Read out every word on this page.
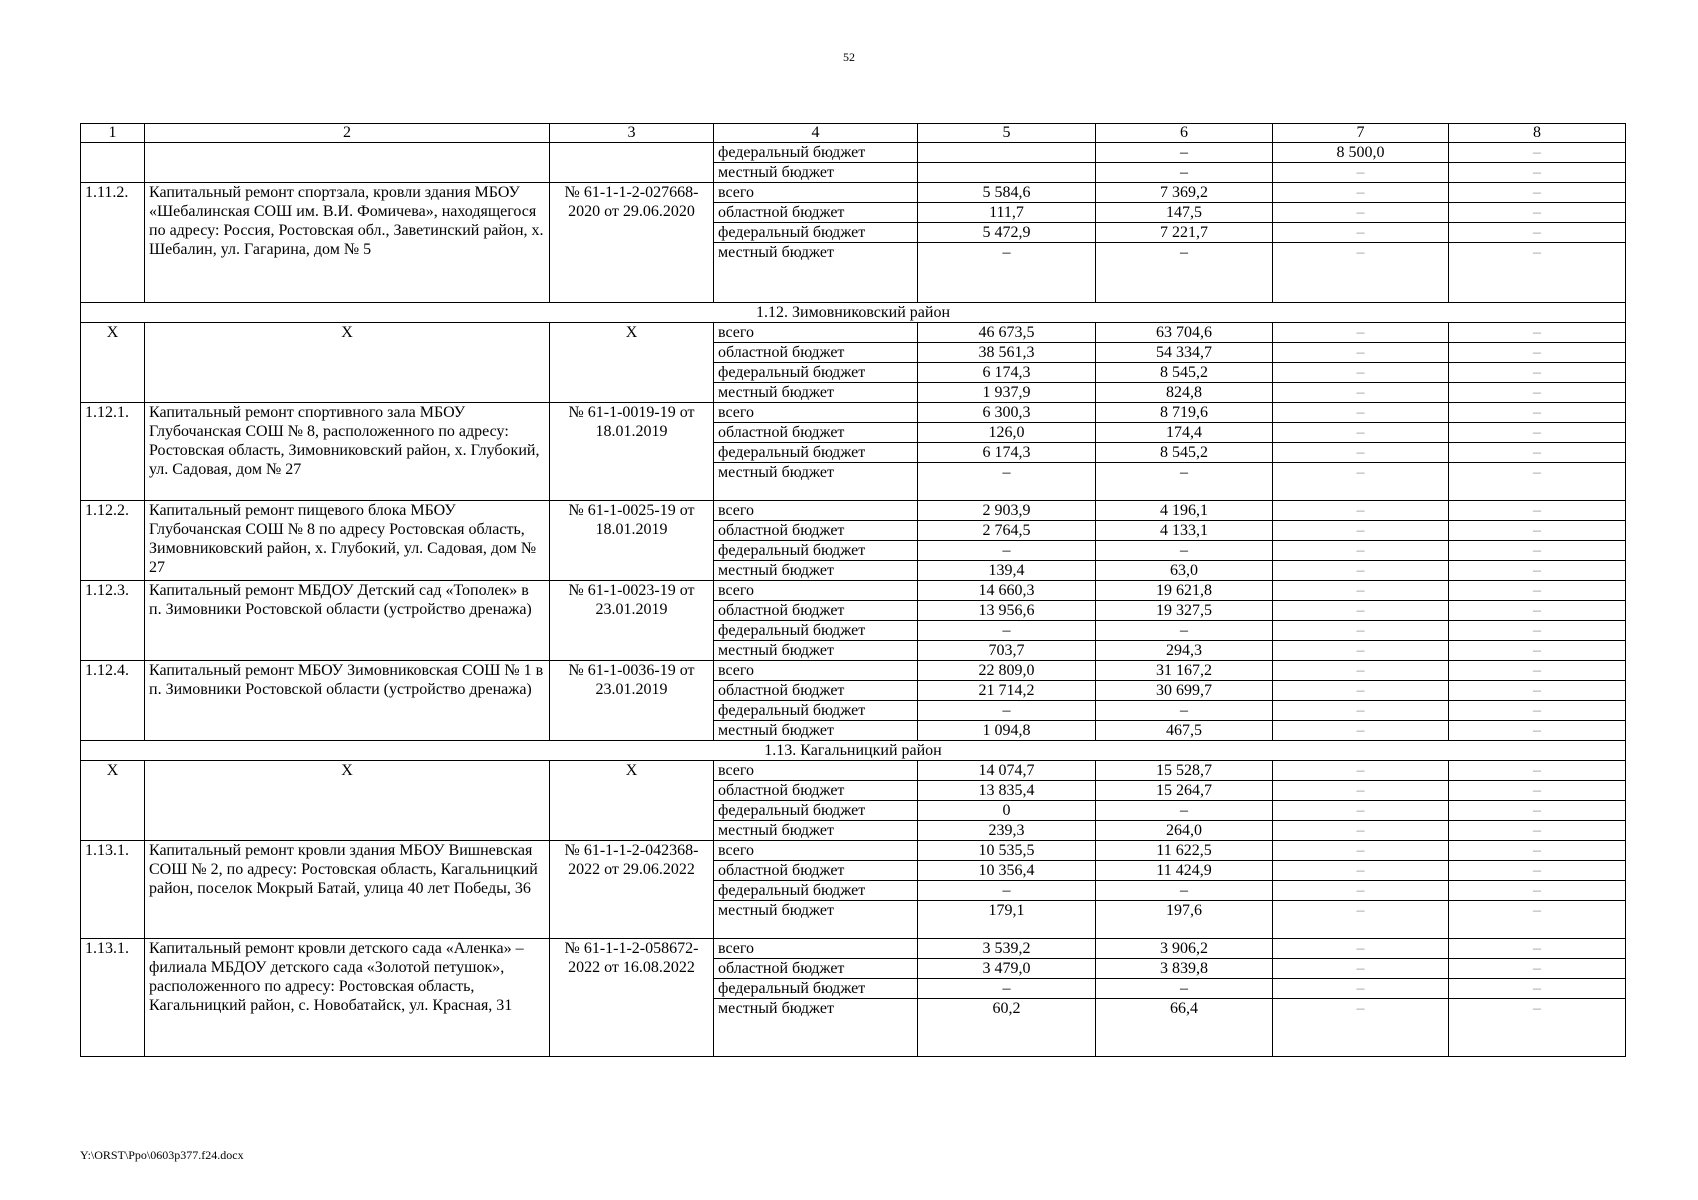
52
1	2	3	4	5	6	7	8
			федеральный бюджет		–	8 500,0	–
			местный бюджет		–	–	–
1.11.2.	Капитальный ремонт спортзала, кровли здания МБОУ «Шебалинская СОШ им. В.И. Фомичева», находящегося по адресу: Россия, Ростовская обл., Заветинский район, х. Шебалин, ул. Гагарина, дом № 5	№ 61-1-1-2-027668-2020 от 29.06.2020	всего	5 584,6	7 369,2	–	–
			областной бюджет	111,7	147,5	–	–
			федеральный бюджет	5 472,9	7 221,7	–	–
			местный бюджет	–	–	–	–
1.12. Зимовниковский район							
X	X	X	всего	46 673,5	63 704,6	–	–
			областной бюджет	38 561,3	54 334,7	–	–
			федеральный бюджет	6 174,3	8 545,2	–	–
			местный бюджет	1 937,9	824,8	–	–
1.12.1.	Капитальный ремонт спортивного зала МБОУ Глубочанская СОШ № 8, расположенного по адресу: Ростовская область, Зимовниковский район, х. Глубокий, ул. Садовая, дом № 27	№ 61-1-0019-19 от 18.01.2019	всего	6 300,3	8 719,6	–	–
			областной бюджет	126,0	174,4	–	–
			федеральный бюджет	6 174,3	8 545,2	–	–
			местный бюджет	–	–	–	–
1.12.2.	Капитальный ремонт пищевого блока МБОУ Глубочанская СОШ № 8 по адресу Ростовская область, Зимовниковский район, х. Глубокий, ул. Садовая, дом № 27	№ 61-1-0025-19 от 18.01.2019	всего	2 903,9	4 196,1	–	–
			областной бюджет	2 764,5	4 133,1	–	–
			федеральный бюджет	–	–	–	–
			местный бюджет	139,4	63,0	–	–
1.12.3.	Капитальный ремонт МБДОУ Детский сад «Тополек» в п. Зимовники Ростовской области (устройство дренажа)	№ 61-1-0023-19 от 23.01.2019	всего	14 660,3	19 621,8	–	–
			областной бюджет	13 956,6	19 327,5	–	–
			федеральный бюджет	–	–	–	–
			местный бюджет	703,7	294,3	–	–
1.12.4.	Капитальный ремонт МБОУ Зимовниковская СОШ № 1 в п. Зимовники Ростовской области (устройство дренажа)	№ 61-1-0036-19 от 23.01.2019	всего	22 809,0	31 167,2	–	–
			областной бюджет	21 714,2	30 699,7	–	–
			федеральный бюджет	–	–	–	–
			местный бюджет	1 094,8	467,5	–	–
1.13. Кагальницкий район							
X	X	X	всего	14 074,7	15 528,7	–	–
			областной бюджет	13 835,4	15 264,7	–	–
			федеральный бюджет	0	–	–	–
			местный бюджет	239,3	264,0	–	–
1.13.1.	Капитальный ремонт кровли здания МБОУ Вишневская СОШ № 2, по адресу: Ростовская область, Кагальницкий район, поселок Мокрый Батай, улица 40 лет Победы, 36	№ 61-1-1-2-042368-2022 от 29.06.2022	всего	10 535,5	11 622,5	–	–
			областной бюджет	10 356,4	11 424,9	–	–
			федеральный бюджет	–	–	–	–
			местный бюджет	179,1	197,6	–	–
1.13.1.	Капитальный ремонт кровли детского сада «Аленка» – филиала МБДОУ детского сада «Золотой петушок», расположенного по адресу: Ростовская область, Кагальницкий район, с. Новобатайск, ул. Красная, 31	№ 61-1-1-2-058672-2022 от 16.08.2022	всего	3 539,2	3 906,2	–	–
			областной бюджет	3 479,0	3 839,8	–	–
			федеральный бюджет	–	–	–	–
			местный бюджет	60,2	66,4	–	–
Y:\ORST\Ppo\0603p377.f24.docx
